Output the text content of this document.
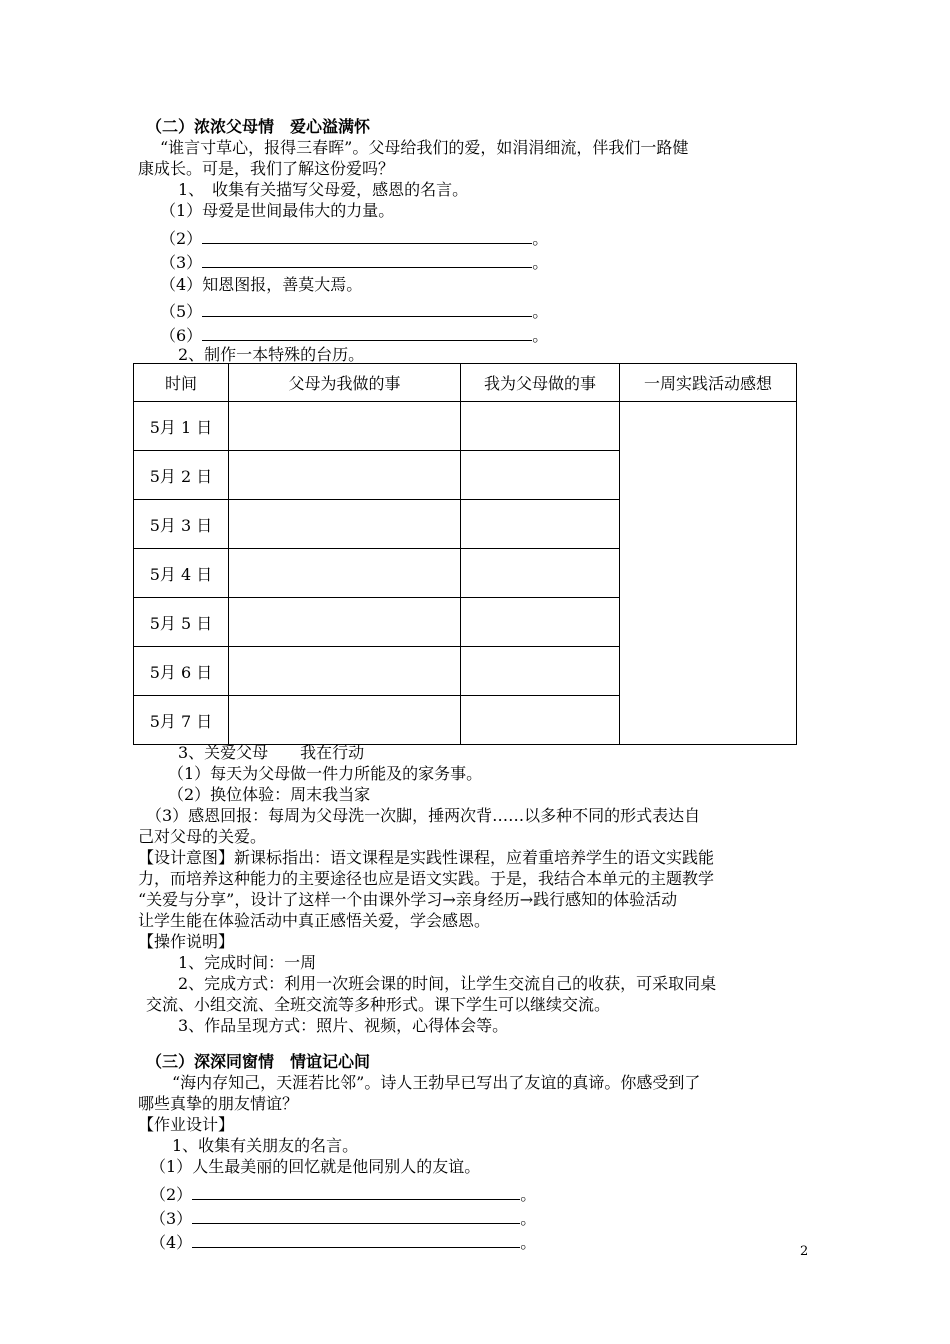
（二）浓浓父母情　爱心溢满怀
“谁言寸草心，报得三春晖”。父母给我们的爱，如涓涓细流，伴我们一路健
康成长。可是，我们了解这份爱吗？
1、　收集有关描写父母爱，感恩的名言。
（1）母爱是世间最伟大的力量。
（2）	。
（3）	。
（4）知恩图报，善莫大焉。
（5）	。
（6）	。
2、制作一本特殊的台历。
时间	父母为我做的事	我为父母做的事	一周实践活动感想
5月 1 日			
5月 2 日			
5月 3 日			
5月 4 日			
5月 5 日			
5月 6 日			
5月 7 日			
3、关爱父母　　我在行动
（1）每天为父母做一件力所能及的家务事。
（2）换位体验：周末我当家
（3）感恩回报：每周为父母洗一次脚，捶两次背……以多种不同的形式表达自
己对父母的关爱。
【设计意图】新课标指出：语文课程是实践性课程，应着重培养学生的语文实践能
力，而培养这种能力的主要途径也应是语文实践。于是，我结合本单元的主题教学
“关爱与分享”，设计了这样一个由课外学习→亲身经历→践行感知的体验活动
让学生能在体验活动中真正感悟关爱，学会感恩。
【操作说明】
1、完成时间：一周
2、完成方式：利用一次班会课的时间，让学生交流自己的收获，可采取同桌
交流、小组交流、全班交流等多种形式。课下学生可以继续交流。
3、作品呈现方式：照片、视频，心得体会等。
（三）深深同窗情　情谊记心间
“海内存知己，天涯若比邻”。诗人王勃早已写出了友谊的真谛。你感受到了
哪些真挚的朋友情谊？
【作业设计】
1、收集有关朋友的名言。
（1）人生最美丽的回忆就是他同别人的友谊。
（2）	。
（3）	。
（4）	。	2
